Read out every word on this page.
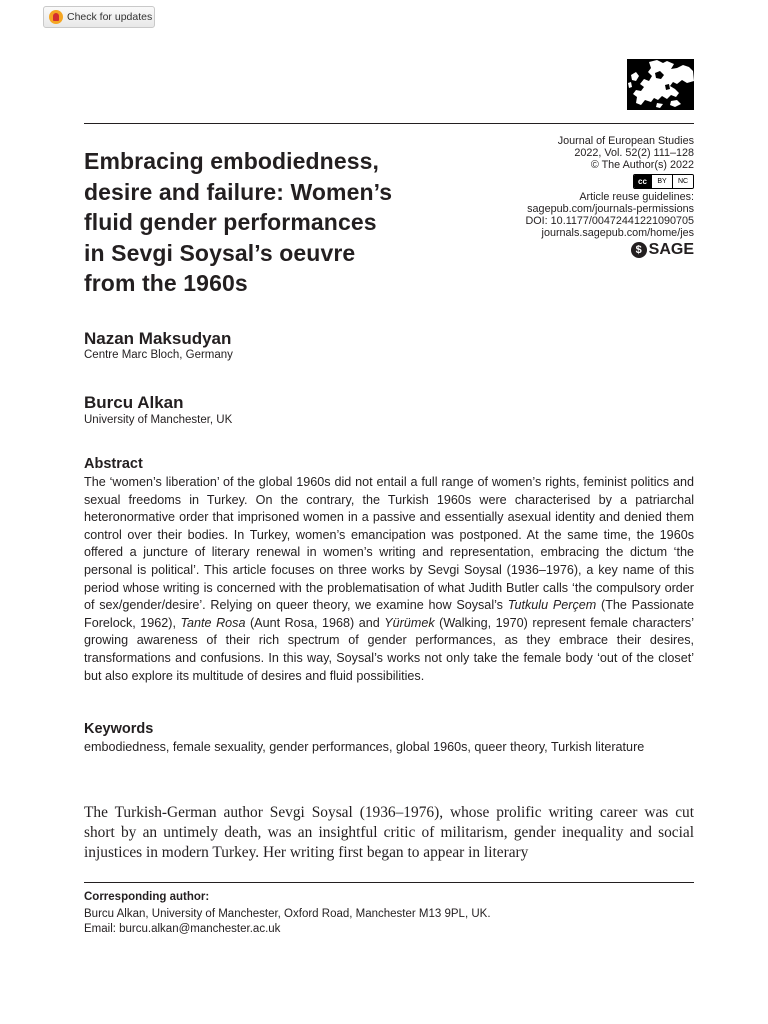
Check for updates
Embracing embodiedness,
desire and failure: Women’s
fluid gender performances
in Sevgi Soysal’s oeuvre
from the 1960s
Journal of European Studies
2022, Vol. 52(2) 111–128
© The Author(s) 2022
cc	BY	NC
Article reuse guidelines:
sagepub.com/journals-permissions
DOI: 10.1177/00472441221090705
journals.sagepub.com/home/jes
$ SAGE
Nazan Maksudyan
Centre Marc Bloch, Germany
Burcu Alkan
University of Manchester, UK
Abstract

The ‘women’s liberation’ of the global 1960s did not entail a full range of women’s rights, feminist politics and sexual freedoms in Turkey. On the contrary, the Turkish 1960s were characterised by a patriarchal heteronormative order that imprisoned women in a passive and essentially asexual identity and denied them control over their bodies. In Turkey, women’s emancipation was postponed. At the same time, the 1960s offered a juncture of literary renewal in women’s writing and representation, embracing the dictum ‘the personal is political’. This article focuses on three works by Sevgi Soysal (1936–1976), a key name of this period whose writing is concerned with the problematisation of what Judith Butler calls ‘the compulsory order of sex/gender/desire’. Relying on queer theory, we examine how Soysal’s Tutkulu Perçem (The Passionate Forelock, 1962), Tante Rosa (Aunt Rosa, 1968) and Yürümek (Walking, 1970) represent female characters’ growing awareness of their rich spectrum of gender performances, as they embrace their desires, transformations and confusions. In this way, Soysal’s works not only take the female body ‘out of the closet’ but also explore its multitude of desires and fluid possibilities.

Keywords

embodiedness, female sexuality, gender performances, global 1960s, queer theory, Turkish literature

The Turkish-German author Sevgi Soysal (1936–1976), whose prolific writing career was cut short by an untimely death, was an insightful critic of militarism, gender inequality and social injustices in modern Turkey. Her writing first began to appear in literary

Corresponding author:
Burcu Alkan, University of Manchester, Oxford Road, Manchester M13 9PL, UK.
Email: burcu.alkan@manchester.ac.uk
